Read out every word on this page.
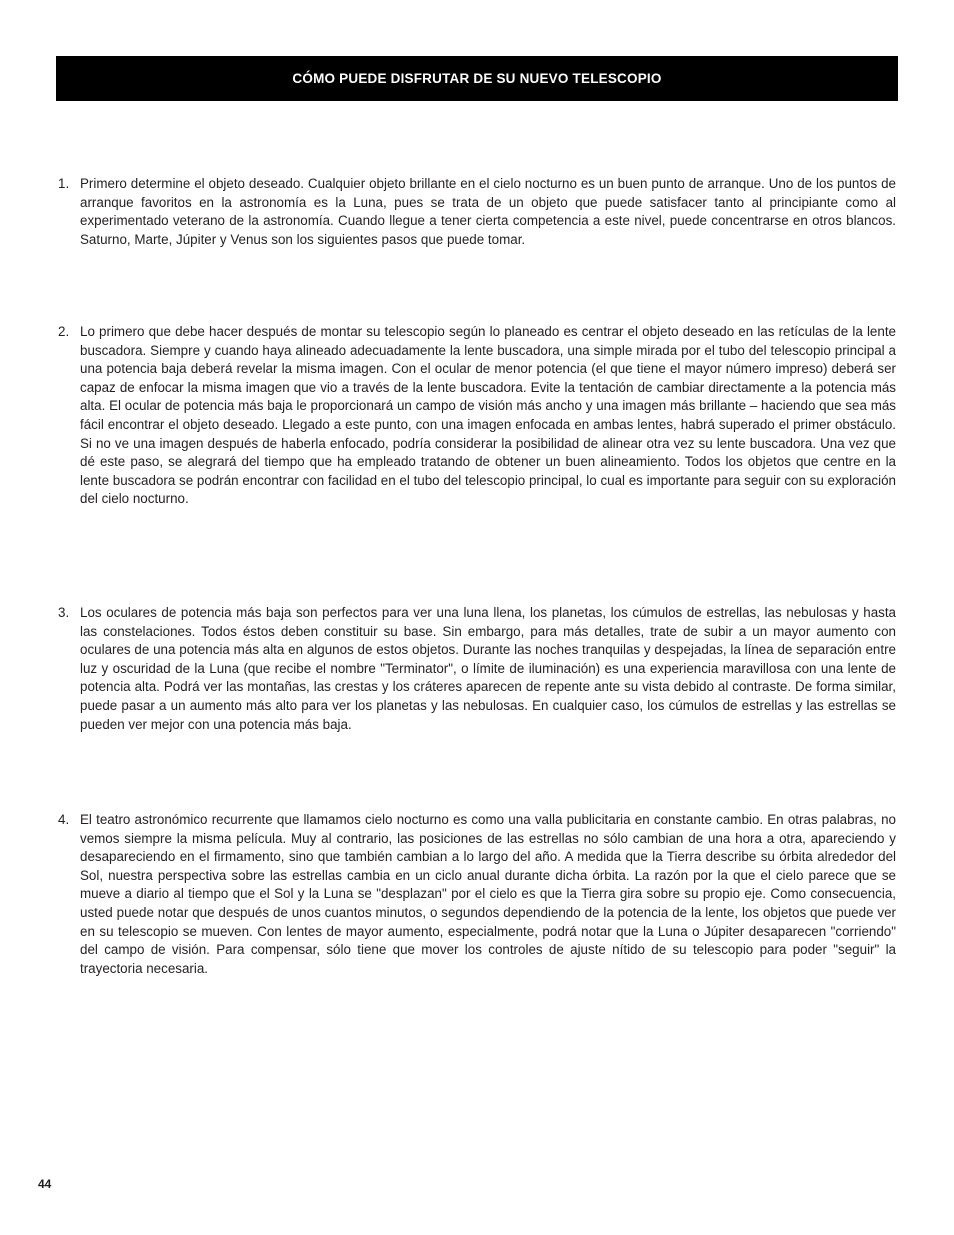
CÓMO PUEDE DISFRUTAR DE SU NUEVO TELESCOPIO
1. Primero determine el objeto deseado. Cualquier objeto brillante en el cielo nocturno es un buen punto de arranque. Uno de los puntos de arranque favoritos en la astronomía es la Luna, pues se trata de un objeto que puede satisfacer tanto al principiante como al experimentado veterano de la astronomía. Cuando llegue a tener cierta competencia a este nivel, puede concentrarse en otros blancos. Saturno, Marte, Júpiter y Venus son los siguientes pasos que puede tomar.
2. Lo primero que debe hacer después de montar su telescopio según lo planeado es centrar el objeto deseado en las retículas de la lente buscadora. Siempre y cuando haya alineado adecuadamente la lente buscadora, una simple mirada por el tubo del telescopio principal a una potencia baja deberá revelar la misma imagen. Con el ocular de menor potencia (el que tiene el mayor número impreso) deberá ser capaz de enfocar la misma imagen que vio a través de la lente buscadora. Evite la tentación de cambiar directamente a la potencia más alta. El ocular de potencia más baja le proporcionará un campo de visión más ancho y una imagen más brillante – haciendo que sea más fácil encontrar el objeto deseado. Llegado a este punto, con una imagen enfocada en ambas lentes, habrá superado el primer obstáculo. Si no ve una imagen después de haberla enfocado, podría considerar la posibilidad de alinear otra vez su lente buscadora. Una vez que dé este paso, se alegrará del tiempo que ha empleado tratando de obtener un buen alineamiento. Todos los objetos que centre en la lente buscadora se podrán encontrar con facilidad en el tubo del telescopio principal, lo cual es importante para seguir con su exploración del cielo nocturno.
3. Los oculares de potencia más baja son perfectos para ver una luna llena, los planetas, los cúmulos de estrellas, las nebulosas y hasta las constelaciones. Todos éstos deben constituir su base. Sin embargo, para más detalles, trate de subir a un mayor aumento con oculares de una potencia más alta en algunos de estos objetos. Durante las noches tranquilas y despejadas, la línea de separación entre luz y oscuridad de la Luna (que recibe el nombre "Terminator", o límite de iluminación) es una experiencia maravillosa con una lente de potencia alta. Podrá ver las montañas, las crestas y los cráteres aparecen de repente ante su vista debido al contraste. De forma similar, puede pasar a un aumento más alto para ver los planetas y las nebulosas. En cualquier caso, los cúmulos de estrellas y las estrellas se pueden ver mejor con una potencia más baja.
4. El teatro astronómico recurrente que llamamos cielo nocturno es como una valla publicitaria en constante cambio. En otras palabras, no vemos siempre la misma película. Muy al contrario, las posiciones de las estrellas no sólo cambian de una hora a otra, apareciendo y desapareciendo en el firmamento, sino que también cambian a lo largo del año. A medida que la Tierra describe su órbita alrededor del Sol, nuestra perspectiva sobre las estrellas cambia en un ciclo anual durante dicha órbita. La razón por la que el cielo parece que se mueve a diario al tiempo que el Sol y la Luna se "desplazan" por el cielo es que la Tierra gira sobre su propio eje. Como consecuencia, usted puede notar que después de unos cuantos minutos, o segundos dependiendo de la potencia de la lente, los objetos que puede ver en su telescopio se mueven. Con lentes de mayor aumento, especialmente, podrá notar que la Luna o Júpiter desaparecen "corriendo" del campo de visión. Para compensar, sólo tiene que mover los controles de ajuste nítido de su telescopio para poder "seguir" la trayectoria necesaria.
44
